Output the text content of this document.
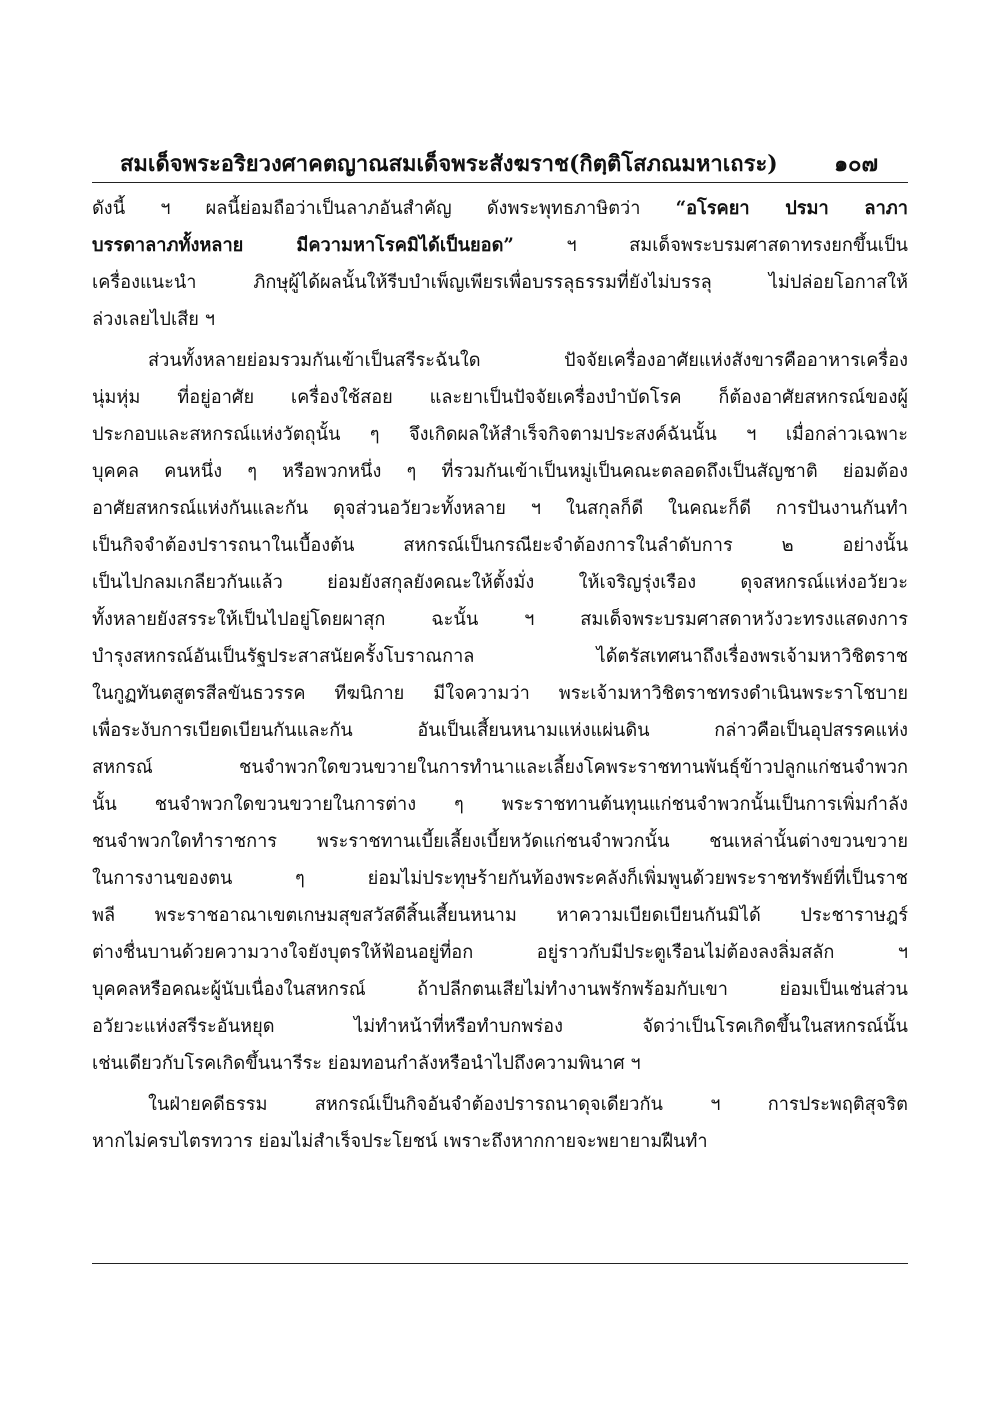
สมเด็จพระอริยวงศาคตญาณสมเด็จพระสังฆราช(กิตฺติโสภณมหาเถระ)	๑๐๗
ดังนี้ ฯ ผลนี้ย่อมถือว่าเป็นลาภอันสำคัญ ดังพระพุทธภาษิตว่า “อโรคยา ปรมา ลาภา
บรรดาลาภทั้งหลาย มีความหาโรคมิได้เป็นยอด” ฯ สมเด็จพระบรมศาสดาทรงยกขึ้นเป็น
เครื่องแนะนำ ภิกษุผู้ได้ผลนั้นให้รีบบำเพ็ญเพียรเพื่อบรรลุธรรมที่ยังไม่บรรลุ ไม่ปล่อยโอกาสให้
ล่วงเลยไปเสีย ฯ
ส่วนทั้งหลายย่อมรวมกันเข้าเป็นสรีระฉันใด ปัจจัยเครื่องอาศัยแห่งสังขารคืออาหารเครื่อง
นุ่มหุ่ม ที่อยู่อาศัย เครื่องใช้สอย และยาเป็นปัจจัยเครื่องบำบัดโรค ก็ต้องอาศัยสหกรณ์ของผู้
ประกอบและสหกรณ์แห่งวัตถุนั้น ๆ จึงเกิดผลให้สำเร็จกิจตามประสงค์ฉันนั้น ฯ เมื่อกล่าวเฉพาะ
บุคคล คนหนึ่ง ๆ หรือพวกหนึ่ง ๆ ที่รวมกันเข้าเป็นหมู่เป็นคณะตลอดถึงเป็นสัญชาติ ย่อมต้อง
อาศัยสหกรณ์แห่งกันและกัน ดุจส่วนอวัยวะทั้งหลาย ฯ ในสกุลก็ดี ในคณะก็ดี การปันงานกันทำ
เป็นกิจจำต้องปรารถนาในเบื้องต้น สหกรณ์เป็นกรณียะจำต้องการในลำดับการ ๒ อย่างนั้น
เป็นไปกลมเกลียวกันแล้ว ย่อมยังสกุลยังคณะให้ตั้งมั่ง ให้เจริญรุ่งเรือง ดุจสหกรณ์แห่งอวัยวะ
ทั้งหลายยังสรระให้เป็นไปอยู่โดยผาสุก ฉะนั้น ฯ สมเด็จพระบรมศาสดาหวังวะทรงแสดงการ
บำรุงสหกรณ์อันเป็นรัฐประสาสนัยครั้งโบราณกาล ได้ตรัสเทศนาถึงเรื่องพรเจ้ามหาวิชิตราช
ในกูฏทันตสูตรสีลขันธวรรค ทีฆนิกาย มีใจความว่า พระเจ้ามหาวิชิตราชทรงดำเนินพระราโชบาย
เพื่อระงับการเบียดเบียนกันและกัน อันเป็นเสี้ยนหนามแห่งแผ่นดิน กล่าวคือเป็นอุปสรรคแห่ง
สหกรณ์ ชนจำพวกใดขวนขวายในการทำนาและเลี้ยงโคพระราชทานพันธุ์ข้าวปลูกแก่ชนจำพวก
นั้น ชนจำพวกใดขวนขวายในการต่าง ๆ พระราชทานต้นทุนแก่ชนจำพวกนั้นเป็นการเพิ่มกำลัง
ชนจำพวกใดทำราชการ พระราชทานเบี้ยเลี้ยงเบี้ยหวัดแก่ชนจำพวกนั้น ชนเหล่านั้นต่างขวนขวาย
ในการงานของตน ๆ ย่อมไม่ประทุษร้ายกันท้องพระคลังก็เพิ่มพูนด้วยพระราชทรัพย์ที่เป็นราช
พลี พระราชอาณาเขตเกษมสุขสวัสดีสิ้นเสี้ยนหนาม หาความเบียดเบียนกันมิได้ ประชาราษฎร์
ต่างชื่นบานด้วยความวางใจยังบุตรให้ฟ้อนอยู่ที่อก อยู่ราวกับมีประตูเรือนไม่ต้องลงลิ่มสลัก ฯ
บุคคลหรือคณะผู้นับเนื่องในสหกรณ์ ถ้าปลีกตนเสียไม่ทำงานพรักพร้อมกับเขา ย่อมเป็นเช่นส่วน
อวัยวะแห่งสรีระอันหยุด ไม่ทำหน้าที่หรือทำบกพร่อง จัดว่าเป็นโรคเกิดขึ้นในสหกรณ์นั้น
เช่นเดียวกับโรคเกิดขึ้นนารีระ ย่อมทอนกำลังหรือนำไปถึงความพินาศ ฯ
ในฝ่ายคดีธรรม สหกรณ์เป็นกิจอันจำต้องปรารถนาดุจเดียวกัน ฯ การประพฤติสุจริต
หากไม่ครบไตรทวาร ย่อมไม่สำเร็จประโยชน์ เพราะถึงหากกายจะพยายามฝืนทำ
